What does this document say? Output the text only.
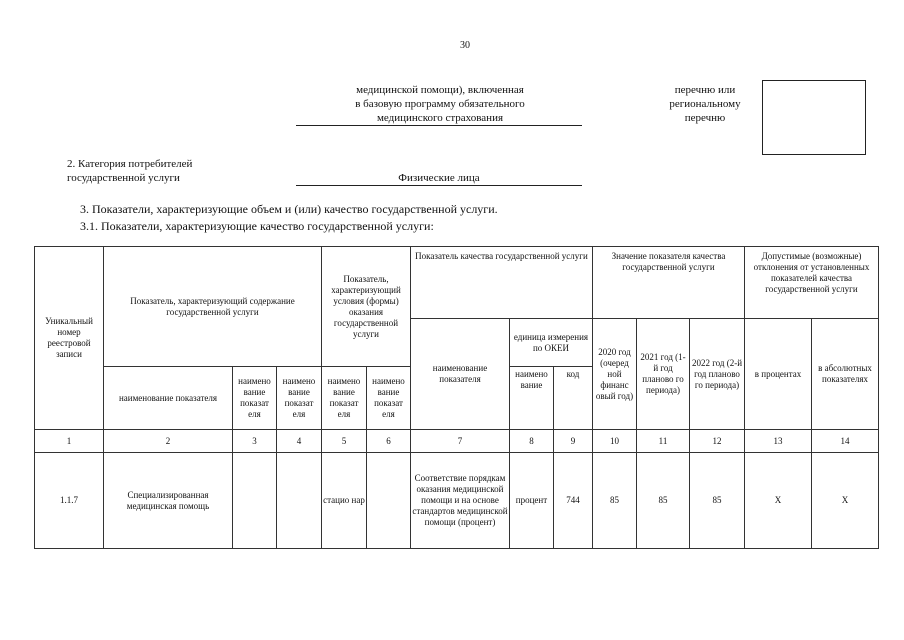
30
медицинской помощи), включенная
в базовую программу обязательного
медицинского страхования
перечню или
региональному
перечню
2. Категория потребителей
государственной услуги	Физические лица
3. Показатели, характеризующие объем и (или) качество государственной услуги.
3.1. Показатели, характеризующие качество государственной услуги:
Уникальный номер реестровой записи	Показатель, характеризующий содержание государственной услуги			Показатель, характеризующий условия (формы) оказания государственной услуги		Показатель качества государственной услуги			Значение показателя качества государственной услуги			Допустимые (возможные) отклонения от установленных показателей качества государственной услуги	
						наименование показателя	единица измерения по ОКЕИ		2020 год (очеред ной финанс овый год)	2021 год (1-й год планово го периода)	2022 год (2-й год планово го периода)	в процентах	в абсолютных показателях
	наименование показателя	наимено вание показат еля	наимено вание показат еля	наимено вание показат еля	наимено вание показат еля		наимено вание	код					
1	2	3	4	5	6	7	8	9	10	11	12	13	14
1.1.7	Специализированная медицинская помощь			стацио нар		Соответствие порядкам оказания медицинской помощи и на основе стандартов медицинской помощи (процент)	процент	744	85	85	85	X	X
